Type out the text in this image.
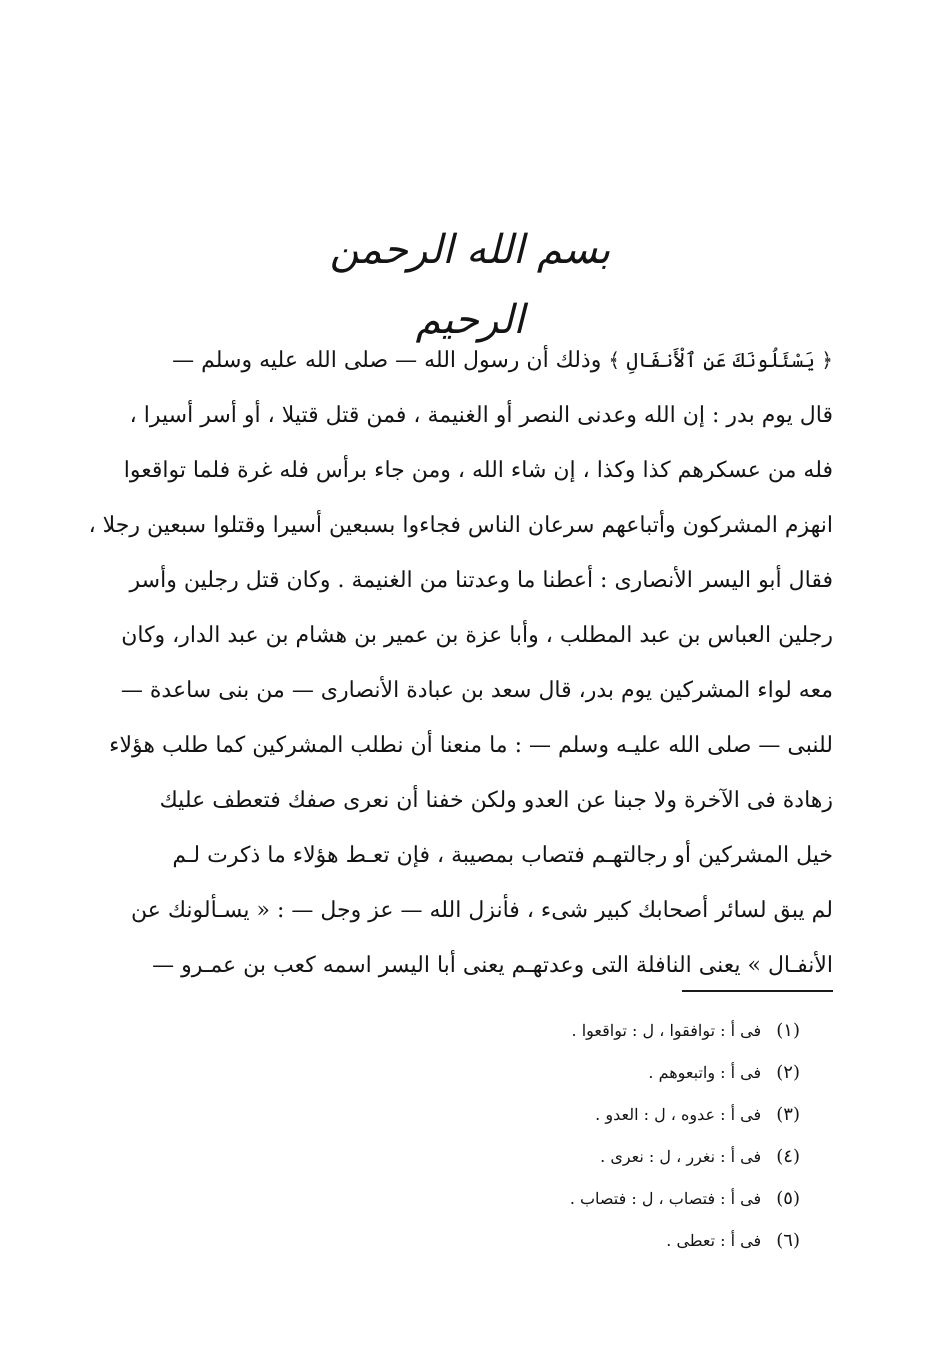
بسم الله الرحمن الرحيم
﴿ يَسْئَلُونَكَ عَنِ ٱلْأَنفَالِ ﴾ وذلك أن رسول الله — صلى الله عليه وسلم —
قال يوم بدر : إن الله وعدنى النصر أو الغنيمة ، فمن قتل قتيلا ، أو أسر أسيرا ،
فله من عسكرهم كذا وكذا ، إن شاء الله ، ومن جاء برأس فله غرة فلما تواقعوا
انهزم المشركون وأتباعهم سرعان الناس فجاءوا بسبعين أسيرا وقتلوا سبعين رجلا ،
فقال أبو اليسر الأنصارى : أعطنا ما وعدتنا من الغنيمة . وكان قتل رجلين وأسر
رجلين العباس بن عبد المطلب ، وأبا عزة بن عمير بن هشام بن عبد الدار، وكان
معه لواء المشركين يوم بدر، قال سعد بن عبادة الأنصارى — من بنى ساعدة —
للنبى — صلى الله عليـه وسلم — : ما منعنا أن نطلب المشركين كما طلب هؤلاء
زهادة فى الآخرة ولا جبنا عن العدو ولكن خفنا أن نعرى صفك فتعطف عليك
خيل المشركين أو رجالتهـم فتصاب بمصيبة ، فإن تعـط هؤلاء ما ذكرت لـم
لم يبق لسائر أصحابك كبير شىء ، فأنزل الله — عز وجل — : « يسـألونك عن
الأنفـال » يعنى النافلة التى وعدتهـم يعنى أبا اليسر اسمه كعب بن عمـرو —
(١) فى أ : توافقوا ، ل : تواقعوا .
(٢) فى أ : واتبعوهم .
(٣) فى أ : عدوه ، ل : العدو .
(٤) فى أ : نغرر ، ل : نعرى .
(٥) فى أ : فتصاب ، ل : فتصاب .
(٦) فى أ : تعطى .
